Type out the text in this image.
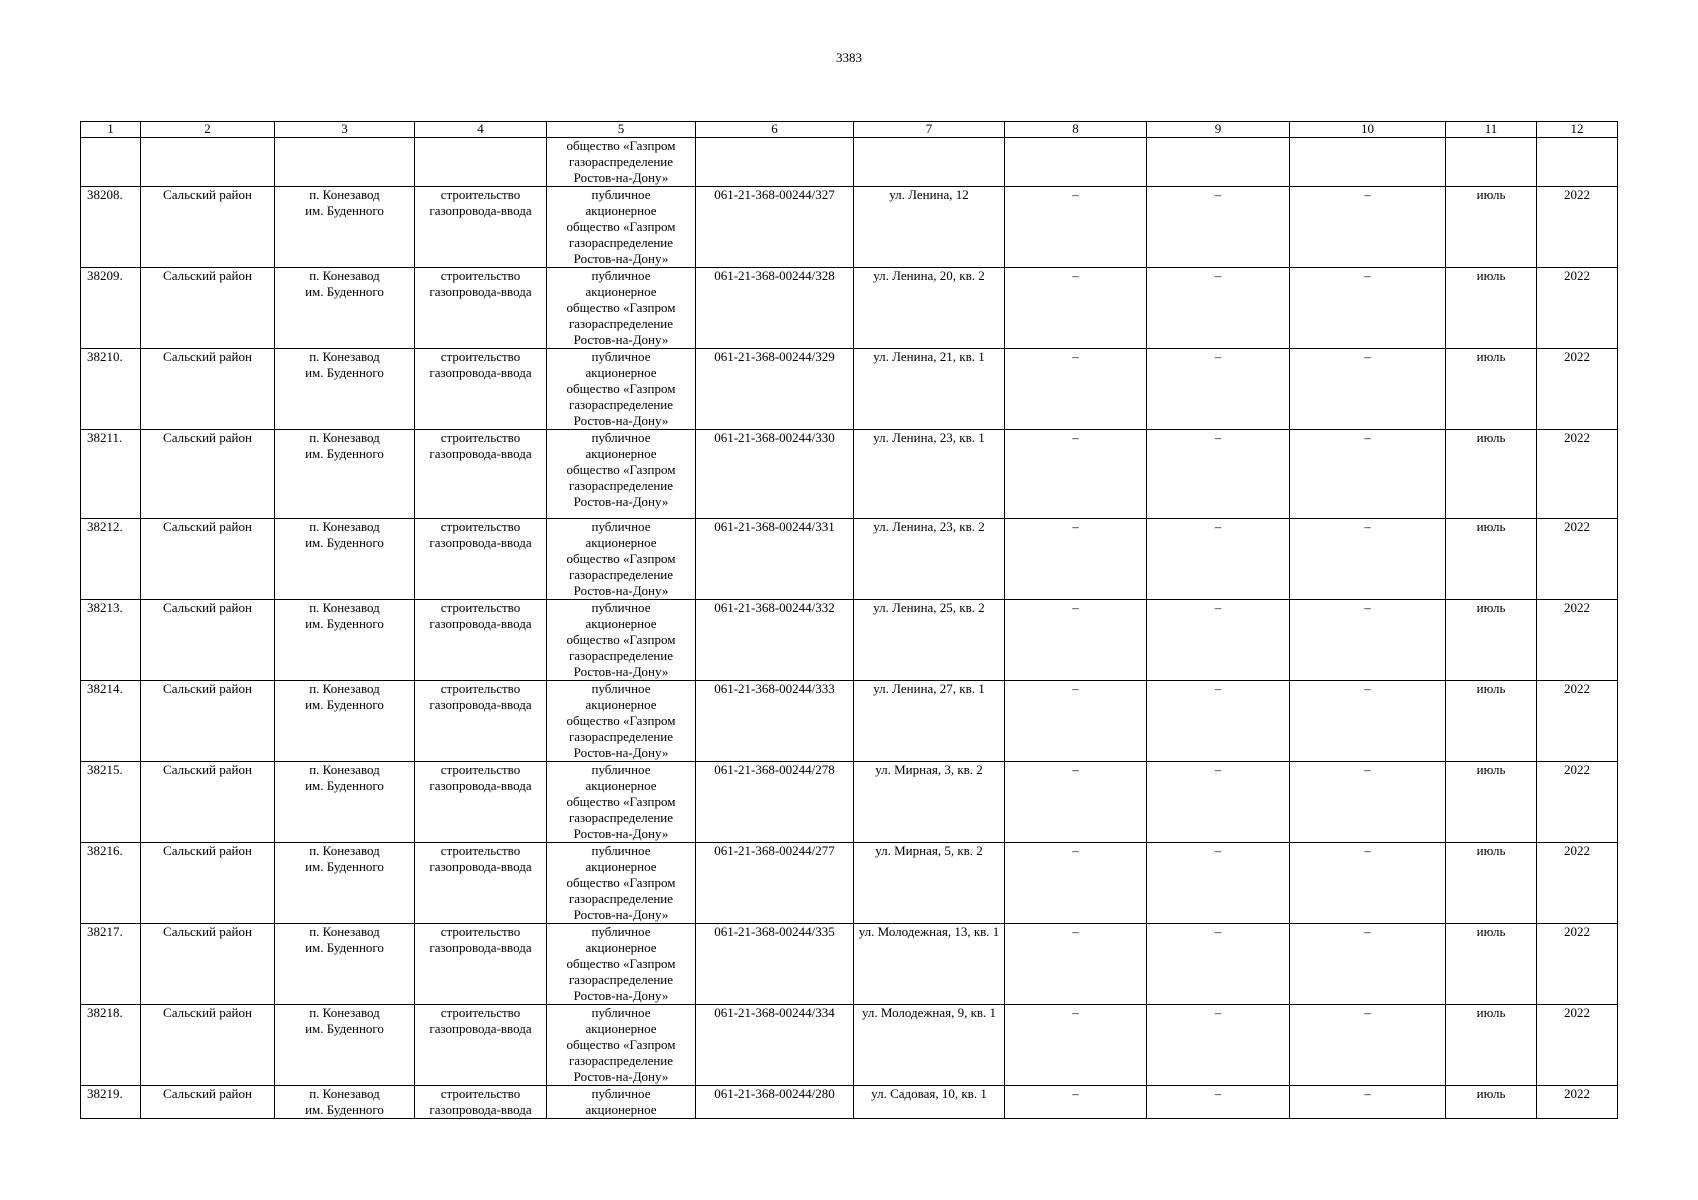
3383
1	2	3	4	5	6	7	8	9	10	11	12
				общество «Газпром
газораспределение
Ростов-на-Дону»							
38208.	Сальский район	п. Конезавод
им. Буденного	строительство газопровода-ввода	публичное
акционерное
общество «Газпром
газораспределение
Ростов-на-Дону»	061-21-368-00244/327	ул. Ленина, 12	–	–	–	июль	2022
38209.	Сальский район	п. Конезавод
им. Буденного	строительство газопровода-ввода	публичное
акционерное
общество «Газпром
газораспределение
Ростов-на-Дону»	061-21-368-00244/328	ул. Ленина, 20, кв. 2	–	–	–	июль	2022
38210.	Сальский район	п. Конезавод
им. Буденного	строительство газопровода-ввода	публичное
акционерное
общество «Газпром
газораспределение
Ростов-на-Дону»	061-21-368-00244/329	ул. Ленина, 21, кв. 1	–	–	–	июль	2022
38211.	Сальский район	п. Конезавод
им. Буденного	строительство газопровода-ввода	публичное
акционерное
общество «Газпром
газораспределение
Ростов-на-Дону»	061-21-368-00244/330	ул. Ленина, 23, кв. 1	–	–	–	июль	2022
38212.	Сальский район	п. Конезавод
им. Буденного	строительство газопровода-ввода	публичное
акционерное
общество «Газпром
газораспределение
Ростов-на-Дону»	061-21-368-00244/331	ул. Ленина, 23, кв. 2	–	–	–	июль	2022
38213.	Сальский район	п. Конезавод
им. Буденного	строительство газопровода-ввода	публичное
акционерное
общество «Газпром
газораспределение
Ростов-на-Дону»	061-21-368-00244/332	ул. Ленина, 25, кв. 2	–	–	–	июль	2022
38214.	Сальский район	п. Конезавод
им. Буденного	строительство газопровода-ввода	публичное
акционерное
общество «Газпром
газораспределение
Ростов-на-Дону»	061-21-368-00244/333	ул. Ленина, 27, кв. 1	–	–	–	июль	2022
38215.	Сальский район	п. Конезавод
им. Буденного	строительство газопровода-ввода	публичное
акционерное
общество «Газпром
газораспределение
Ростов-на-Дону»	061-21-368-00244/278	ул. Мирная, 3, кв. 2	–	–	–	июль	2022
38216.	Сальский район	п. Конезавод
им. Буденного	строительство газопровода-ввода	публичное
акционерное
общество «Газпром
газораспределение
Ростов-на-Дону»	061-21-368-00244/277	ул. Мирная, 5, кв. 2	–	–	–	июль	2022
38217.	Сальский район	п. Конезавод
им. Буденного	строительство газопровода-ввода	публичное
акционерное
общество «Газпром
газораспределение
Ростов-на-Дону»	061-21-368-00244/335	ул. Молодежная, 13, кв. 1	–	–	–	июль	2022
38218.	Сальский район	п. Конезавод
им. Буденного	строительство газопровода-ввода	публичное
акционерное
общество «Газпром
газораспределение
Ростов-на-Дону»	061-21-368-00244/334	ул. Молодежная, 9, кв. 1	–	–	–	июль	2022
38219.	Сальский район	п. Конезавод
им. Буденного	строительство газопровода-ввода	публичное
акционерное	061-21-368-00244/280	ул. Садовая, 10, кв. 1	–	–	–	июль	2022
